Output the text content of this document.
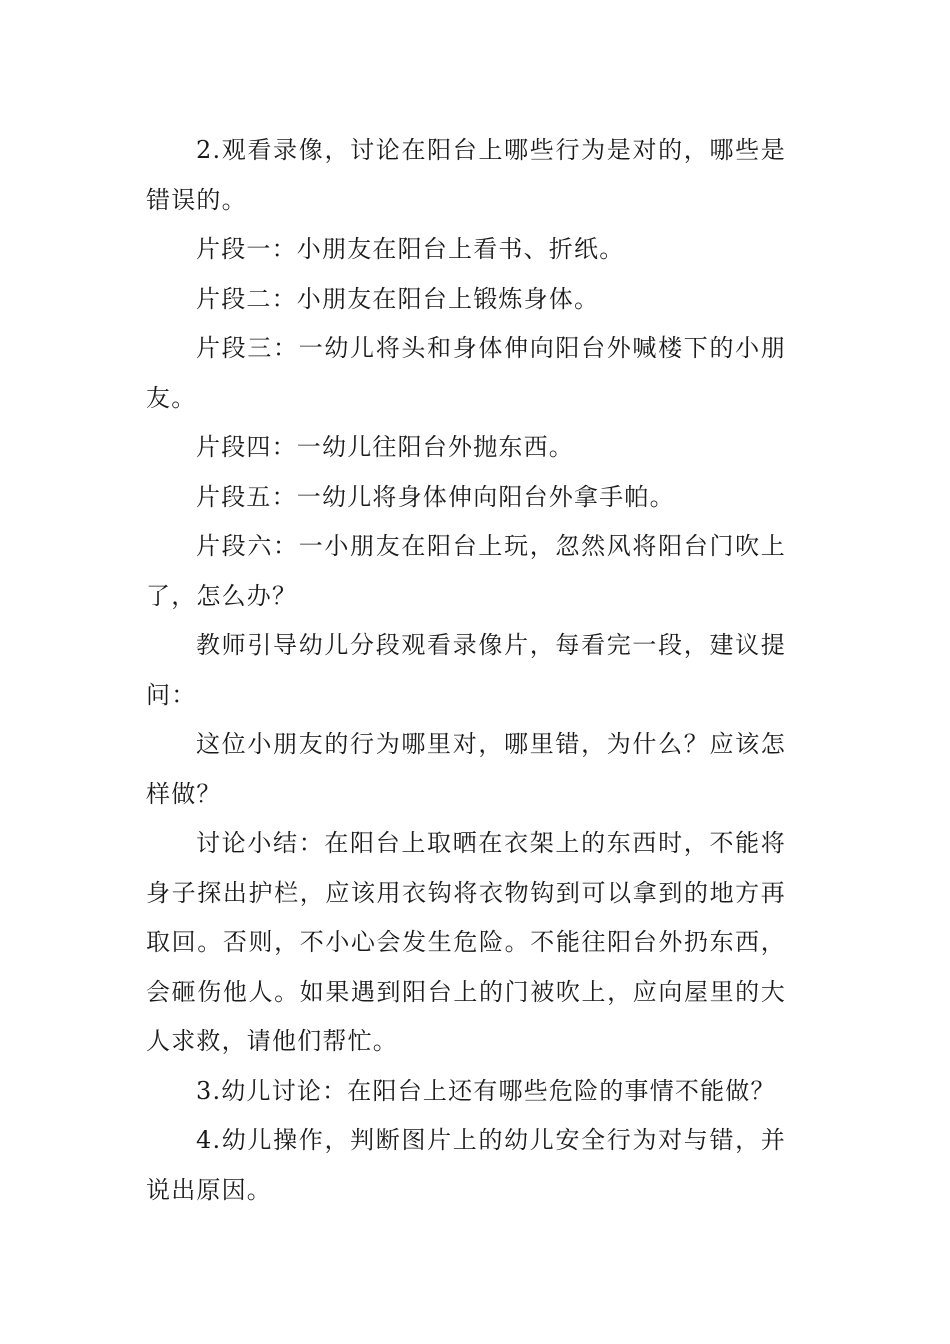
2.观看录像，讨论在阳台上哪些行为是对的，哪些是错误的。

片段一：小朋友在阳台上看书、折纸。

片段二：小朋友在阳台上锻炼身体。

片段三：一幼儿将头和身体伸向阳台外喊楼下的小朋友。

片段四：一幼儿往阳台外抛东西。

片段五：一幼儿将身体伸向阳台外拿手帕。

片段六：一小朋友在阳台上玩，忽然风将阳台门吹上了，怎么办？

教师引导幼儿分段观看录像片，每看完一段，建议提问：

这位小朋友的行为哪里对，哪里错，为什么？应该怎样做？

讨论小结：在阳台上取晒在衣架上的东西时，不能将身子探出护栏，应该用衣钩将衣物钩到可以拿到的地方再取回。否则，不小心会发生危险。不能往阳台外扔东西，会砸伤他人。如果遇到阳台上的门被吹上，应向屋里的大人求救，请他们帮忙。

3.幼儿讨论：在阳台上还有哪些危险的事情不能做？

4.幼儿操作，判断图片上的幼儿安全行为对与错，并说出原因。
